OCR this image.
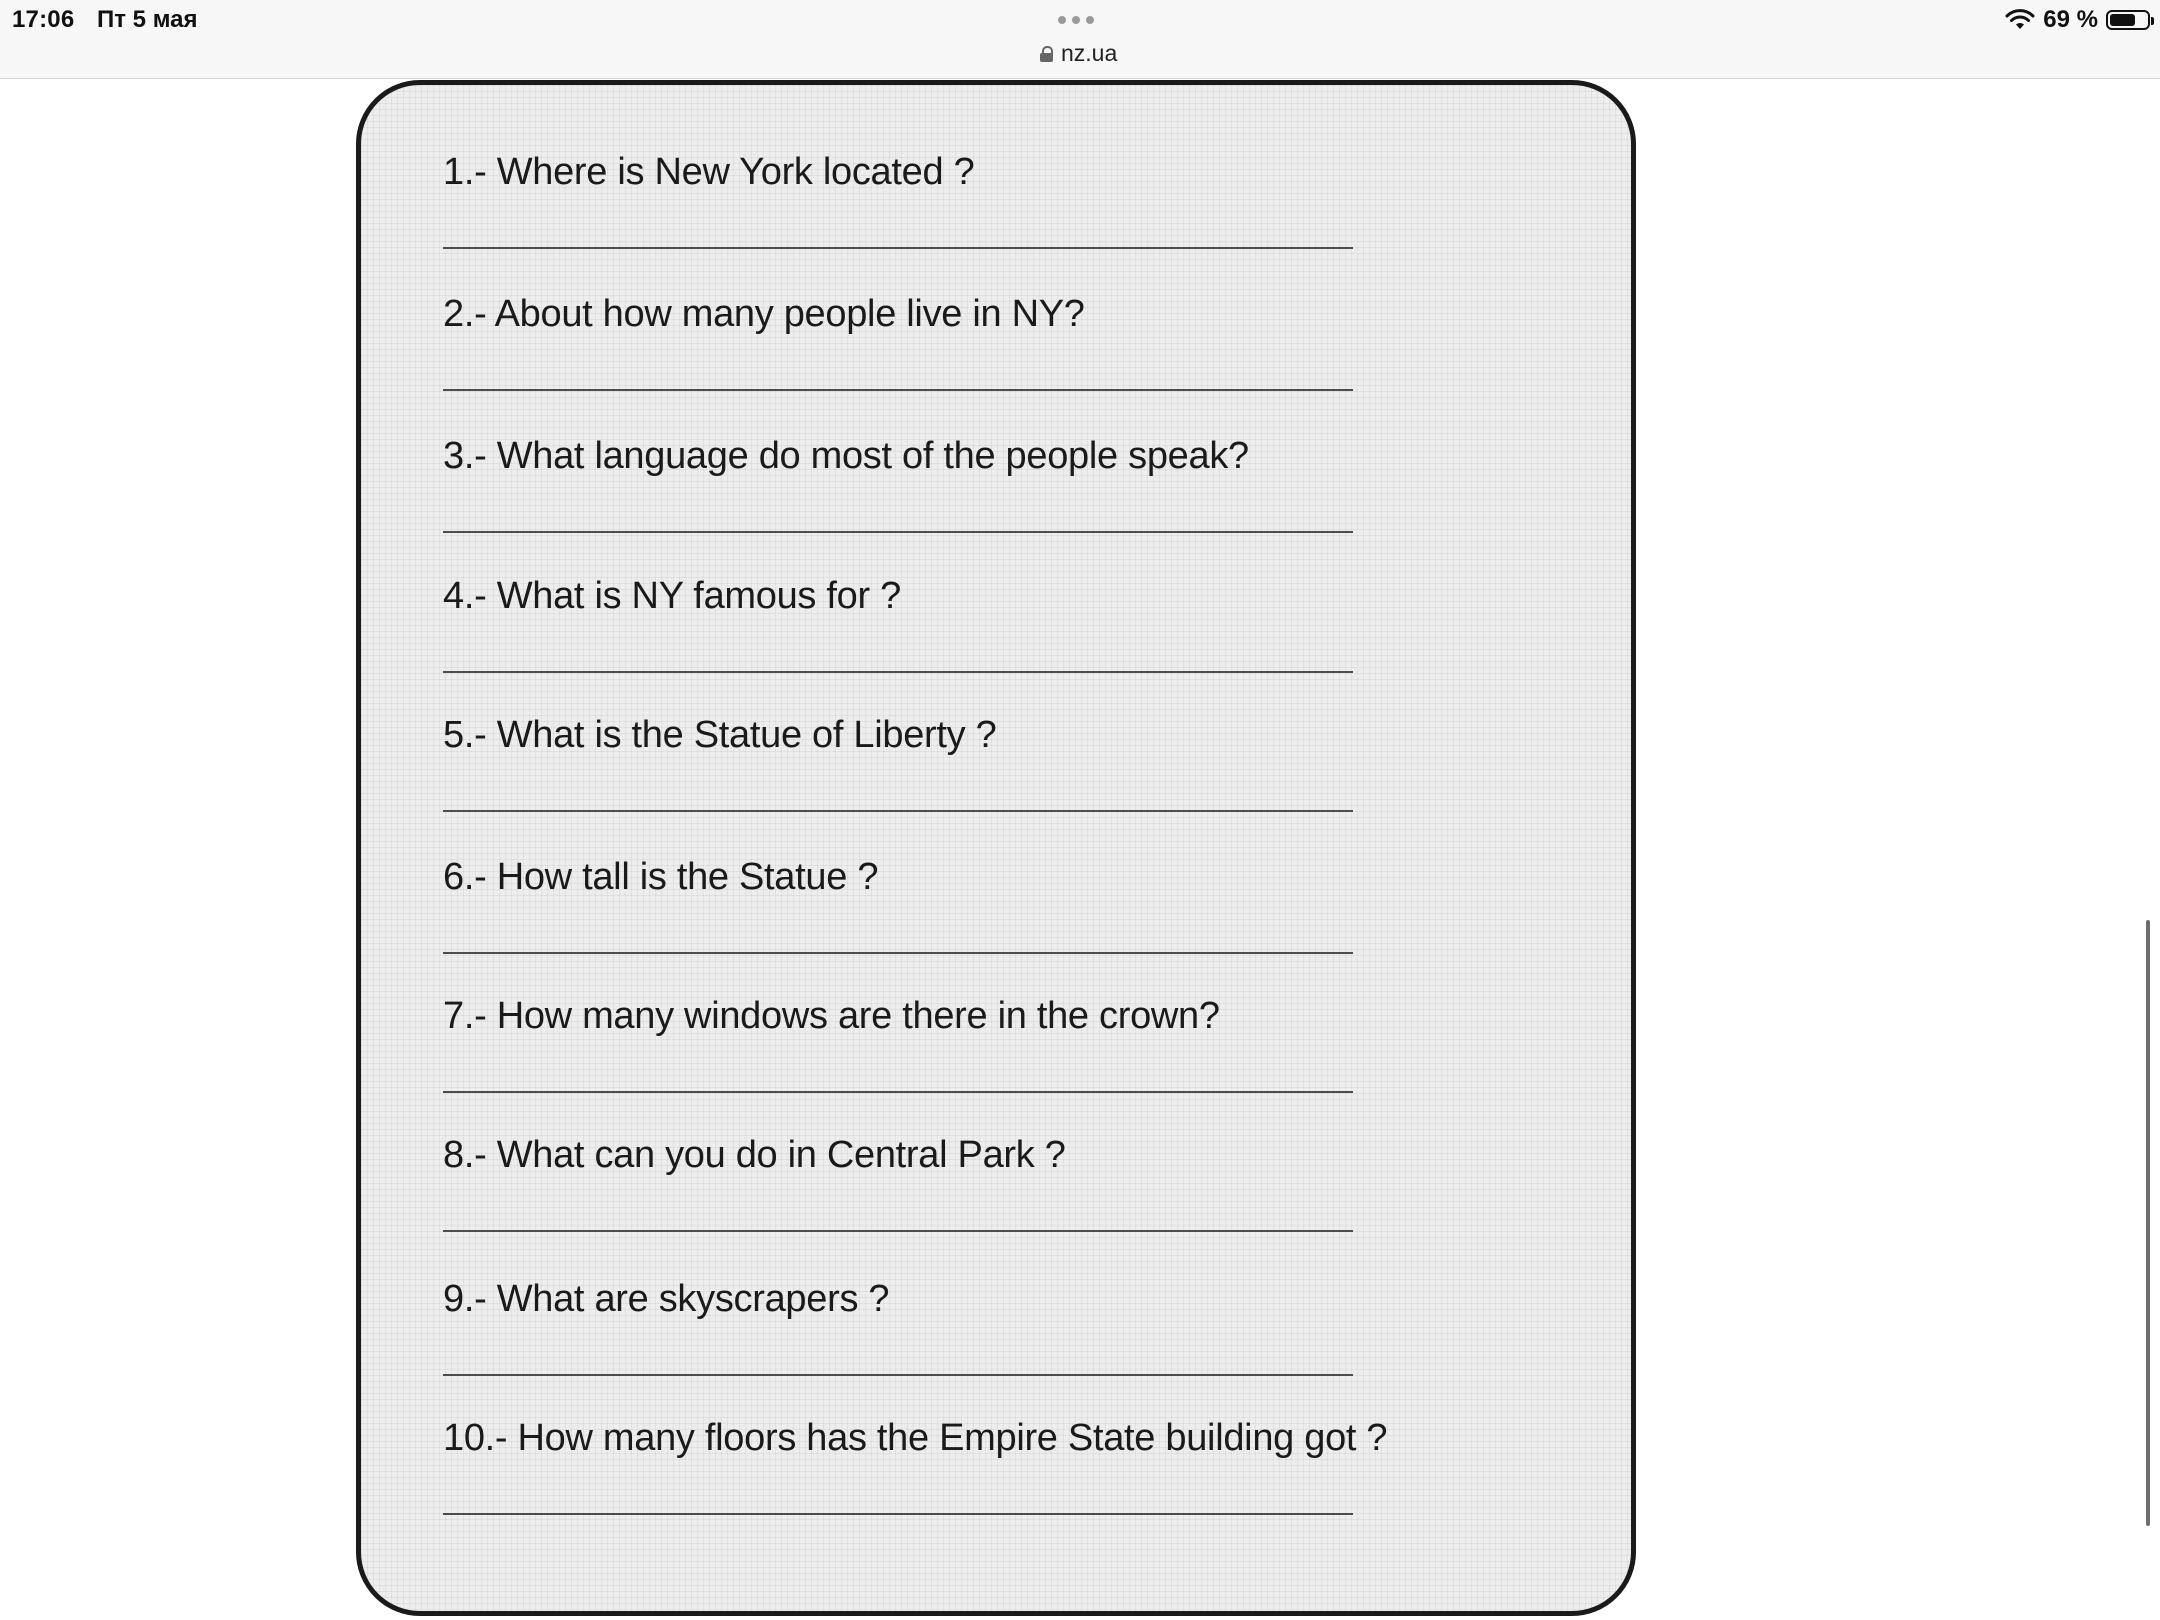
17:06 Пт 5 мая
nz.ua
69 %
1.- Where is New York located ?
2.- About how many people live in NY?
3.- What language do most of the people speak?
4.- What is NY famous for ?
5.- What is the Statue of Liberty ?
6.- How tall is the Statue ?
7.- How many windows are there in the crown?
8.- What can you do in Central Park ?
9.- What are skyscrapers ?
10.- How many floors has the Empire State building got ?
